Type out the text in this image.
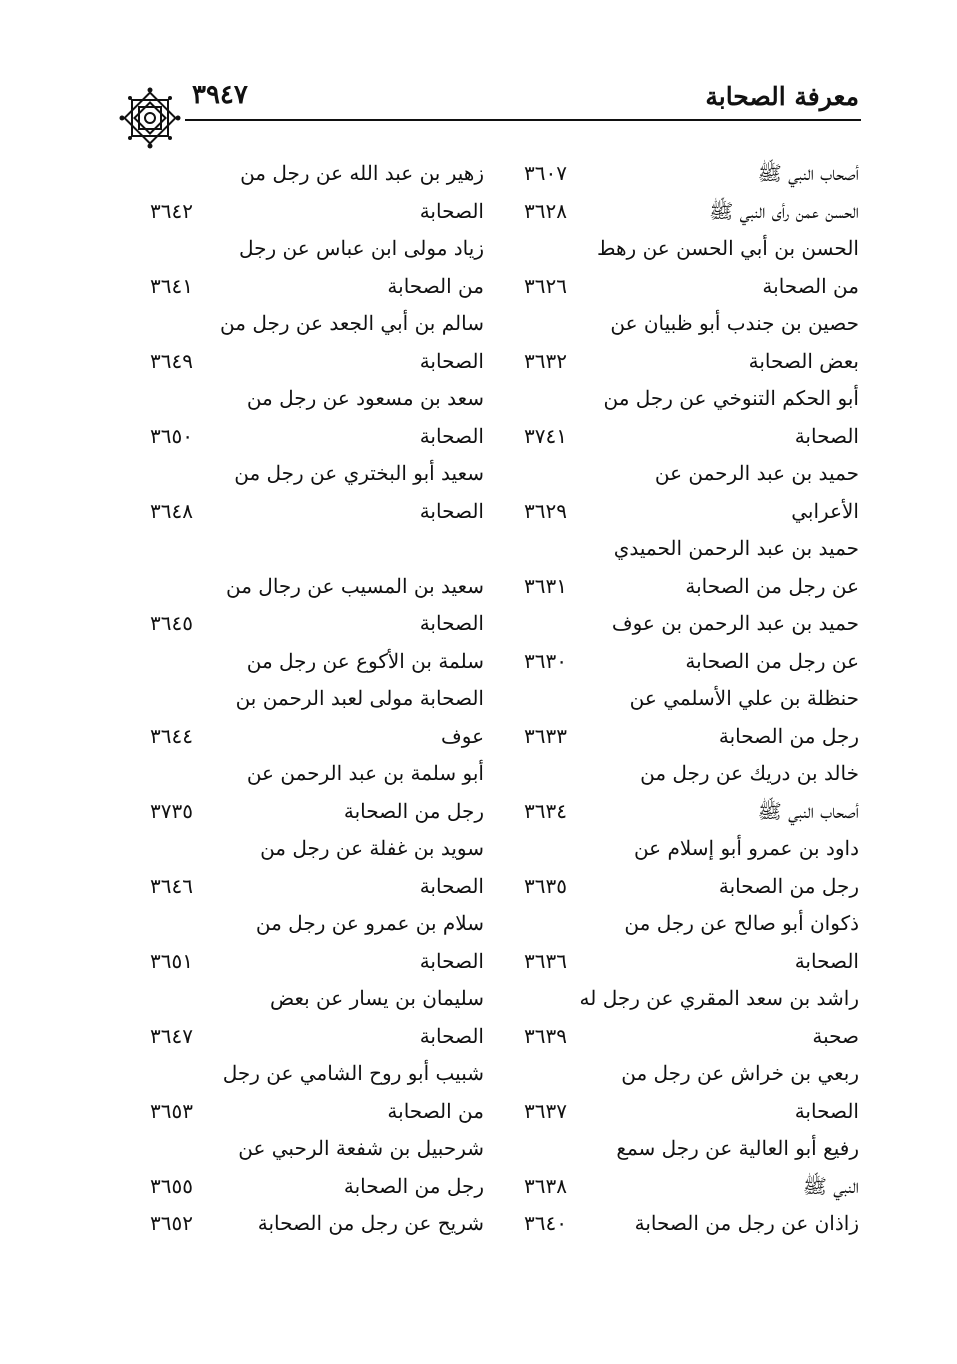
معرفة الصحابة
٣٩٤٧
أصحاب النبي ﷺ
٣٦٠٧
الحسن عمن رأى النبي ﷺ
٣٦٢٨
الحسن بن أبي الحسن عن رهط
من الصحابة
٣٦٢٦
حصين بن جندب أبو ظبيان عن
بعض الصحابة
٣٦٣٢
أبو الحكم التنوخي عن رجل من
الصحابة
٣٧٤١
حميد بن عبد الرحمن عن
الأعرابي
٣٦٢٩
حميد بن عبد الرحمن الحميدي
عن رجل من الصحابة
٣٦٣١
حميد بن عبد الرحمن بن عوف
عن رجل من الصحابة
٣٦٣٠
حنظلة بن علي الأسلمي عن
رجل من الصحابة
٣٦٣٣
خالد بن دريك عن رجل من
أصحاب النبي ﷺ
٣٦٣٤
داود بن عمرو أبو إسلام عن
رجل من الصحابة
٣٦٣٥
ذكوان أبو صالح عن رجل من
الصحابة
٣٦٣٦
راشد بن سعد المقري عن رجل له
صحبة
٣٦٣٩
ربعي بن خراش عن رجل من
الصحابة
٣٦٣٧
رفيع أبو العالية عن رجل سمع
النبي ﷺ
٣٦٣٨
زاذان عن رجل من الصحابة
٣٦٤٠
زهير بن عبد الله عن رجل من
الصحابة
٣٦٤٢
زياد مولى ابن عباس عن رجل
من الصحابة
٣٦٤١
سالم بن أبي الجعد عن رجل من
الصحابة
٣٦٤٩
سعد بن مسعود عن رجل من
الصحابة
٣٦٥٠
سعيد أبو البختري عن رجل من
الصحابة
٣٦٤٨
سعيد بن المسيب عن رجال من
الصحابة
٣٦٤٥
سلمة بن الأكوع عن رجل من
الصحابة مولى لعبد الرحمن بن
عوف
٣٦٤٤
أبو سلمة بن عبد الرحمن عن
رجل من الصحابة
٣٧٣٥
سويد بن غفلة عن رجل من
الصحابة
٣٦٤٦
سلام بن عمرو عن رجل من
الصحابة
٣٦٥١
سليمان بن يسار عن بعض
الصحابة
٣٦٤٧
شبيب أبو روح الشامي عن رجل
من الصحابة
٣٦٥٣
شرحبيل بن شفعة الرحبي عن
رجل من الصحابة
٣٦٥٥
شريح عن رجل من الصحابة
٣٦٥٢
